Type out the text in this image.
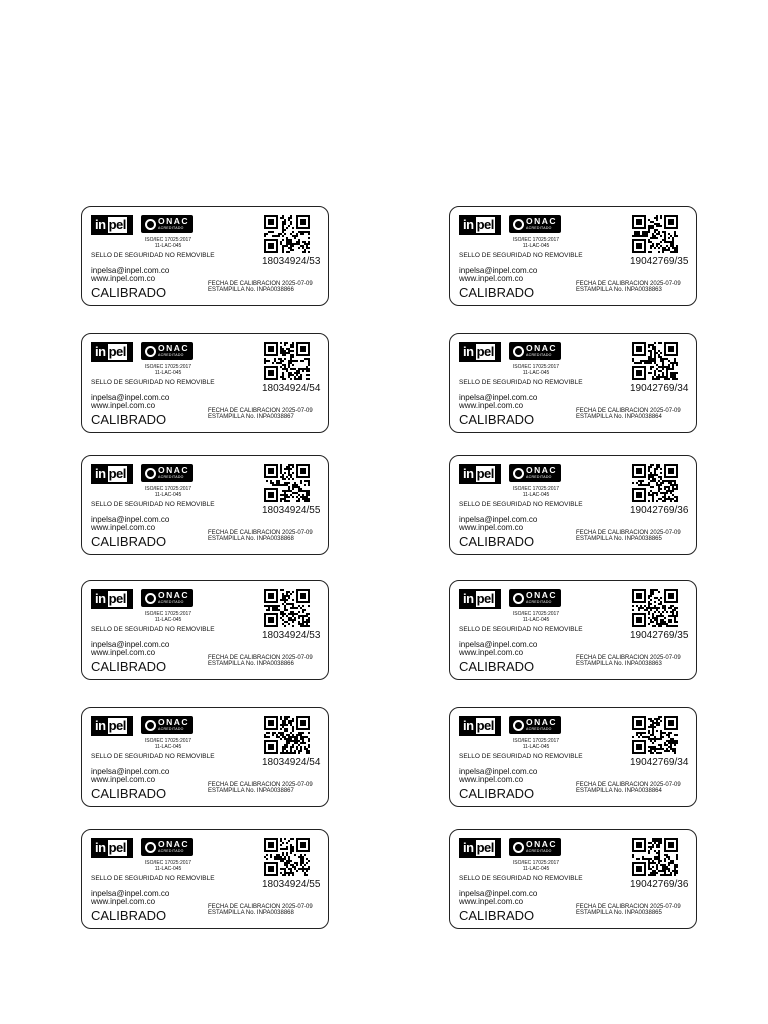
in pel	ONAC
ACREDITADO
ISO/IEC 17025:2017
11-LAC-045
SELLO DE SEGURIDAD NO REMOVIBLE
18034924/53
inpelsa@inpel.com.co
www.inpel.com.co
CALIBRADO
FECHA DE CALIBRACION 2025-07-09
ESTAMPILLA No. INPA0038866
in pel	ONAC
ACREDITADO
ISO/IEC 17025:2017
11-LAC-045
SELLO DE SEGURIDAD NO REMOVIBLE
19042769/35
inpelsa@inpel.com.co
www.inpel.com.co
CALIBRADO
FECHA DE CALIBRACION 2025-07-09
ESTAMPILLA No. INPA0038863
in pel	ONAC
ACREDITADO
ISO/IEC 17025:2017
11-LAC-045
SELLO DE SEGURIDAD NO REMOVIBLE
18034924/54
inpelsa@inpel.com.co
www.inpel.com.co
CALIBRADO
FECHA DE CALIBRACION 2025-07-09
ESTAMPILLA No. INPA0038867
in pel	ONAC
ACREDITADO
ISO/IEC 17025:2017
11-LAC-045
SELLO DE SEGURIDAD NO REMOVIBLE
19042769/34
inpelsa@inpel.com.co
www.inpel.com.co
CALIBRADO
FECHA DE CALIBRACION 2025-07-09
ESTAMPILLA No. INPA0038864
in pel	ONAC
ACREDITADO
ISO/IEC 17025:2017
11-LAC-045
SELLO DE SEGURIDAD NO REMOVIBLE
18034924/55
inpelsa@inpel.com.co
www.inpel.com.co
CALIBRADO
FECHA DE CALIBRACION 2025-07-09
ESTAMPILLA No. INPA0038868
in pel	ONAC
ACREDITADO
ISO/IEC 17025:2017
11-LAC-045
SELLO DE SEGURIDAD NO REMOVIBLE
19042769/36
inpelsa@inpel.com.co
www.inpel.com.co
CALIBRADO
FECHA DE CALIBRACION 2025-07-09
ESTAMPILLA No. INPA0038865
in pel	ONAC
ACREDITADO
ISO/IEC 17025:2017
11-LAC-045
SELLO DE SEGURIDAD NO REMOVIBLE
18034924/53
inpelsa@inpel.com.co
www.inpel.com.co
CALIBRADO
FECHA DE CALIBRACION 2025-07-09
ESTAMPILLA No. INPA0038866
in pel	ONAC
ACREDITADO
ISO/IEC 17025:2017
11-LAC-045
SELLO DE SEGURIDAD NO REMOVIBLE
19042769/35
inpelsa@inpel.com.co
www.inpel.com.co
CALIBRADO
FECHA DE CALIBRACION 2025-07-09
ESTAMPILLA No. INPA0038863
in pel	ONAC
ACREDITADO
ISO/IEC 17025:2017
11-LAC-045
SELLO DE SEGURIDAD NO REMOVIBLE
18034924/54
inpelsa@inpel.com.co
www.inpel.com.co
CALIBRADO
FECHA DE CALIBRACION 2025-07-09
ESTAMPILLA No. INPA0038867
in pel	ONAC
ACREDITADO
ISO/IEC 17025:2017
11-LAC-045
SELLO DE SEGURIDAD NO REMOVIBLE
19042769/34
inpelsa@inpel.com.co
www.inpel.com.co
CALIBRADO
FECHA DE CALIBRACION 2025-07-09
ESTAMPILLA No. INPA0038864
in pel	ONAC
ACREDITADO
ISO/IEC 17025:2017
11-LAC-045
SELLO DE SEGURIDAD NO REMOVIBLE
18034924/55
inpelsa@inpel.com.co
www.inpel.com.co
CALIBRADO
FECHA DE CALIBRACION 2025-07-09
ESTAMPILLA No. INPA0038868
in pel	ONAC
ACREDITADO
ISO/IEC 17025:2017
11-LAC-045
SELLO DE SEGURIDAD NO REMOVIBLE
19042769/36
inpelsa@inpel.com.co
www.inpel.com.co
CALIBRADO
FECHA DE CALIBRACION 2025-07-09
ESTAMPILLA No. INPA0038865
